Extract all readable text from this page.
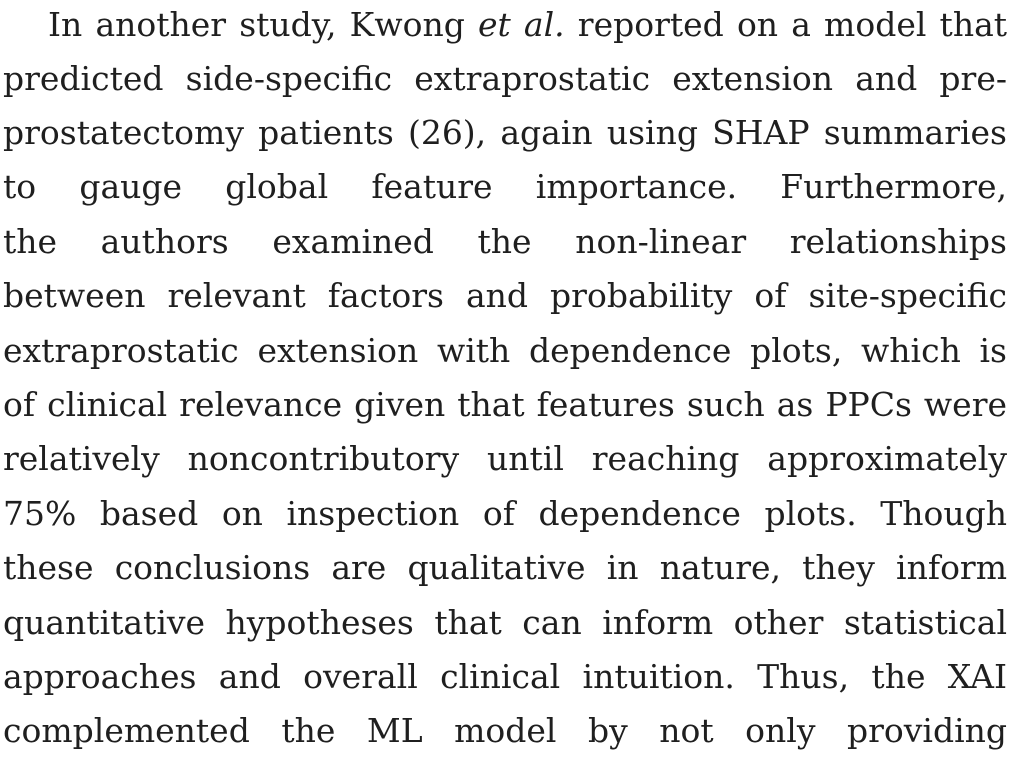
In another study, Kwong et al. reported on a model that
predicted side-specific extraprostatic extension and pre-
prostatectomy patients (26), again using SHAP summaries
to gauge global feature importance. Furthermore,
the authors examined the non-linear relationships
between relevant factors and probability of site-specific
extraprostatic extension with dependence plots, which is
of clinical relevance given that features such as PPCs were
relatively noncontributory until reaching approximately
75% based on inspection of dependence plots. Though
these conclusions are qualitative in nature, they inform
quantitative hypotheses that can inform other statistical
approaches and overall clinical intuition. Thus, the XAI
complemented the ML model by not only providing
